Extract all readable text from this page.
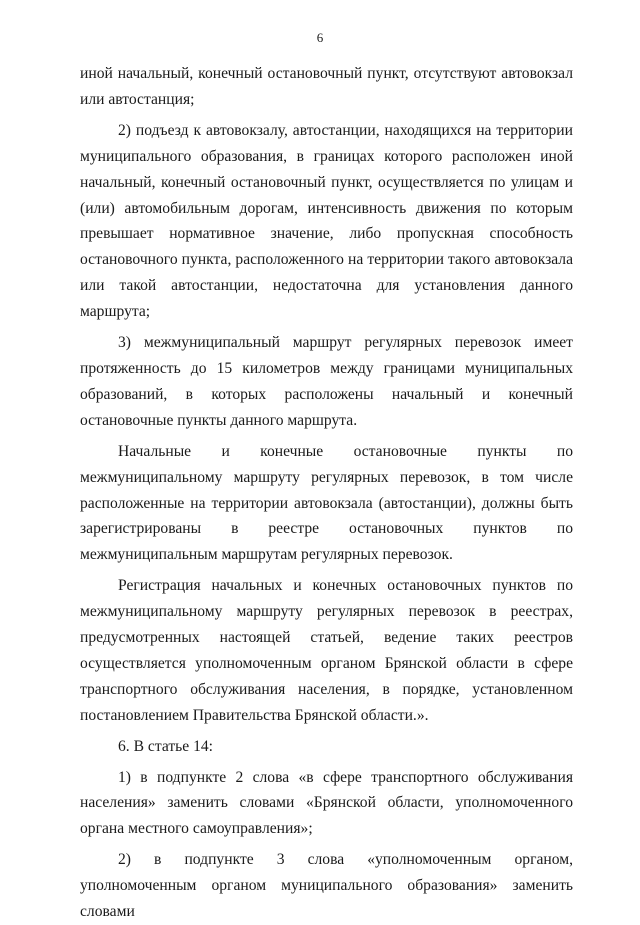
6

иной начальный, конечный остановочный пункт, отсутствуют автовокзал или автостанция;

2) подъезд к автовокзалу, автостанции, находящихся на территории муниципального образования, в границах которого расположен иной начальный, конечный остановочный пункт, осуществляется по улицам и (или) автомобильным дорогам, интенсивность движения по которым превышает нормативное значение, либо пропускная способность остановочного пункта, расположенного на территории такого автовокзала или такой автостанции, недостаточна для установления данного маршрута;

3) межмуниципальный маршрут регулярных перевозок имеет протяженность до 15 километров между границами муниципальных образований, в которых расположены начальный и конечный остановочные пункты данного маршрута.

Начальные и конечные остановочные пункты по межмуниципальному маршруту регулярных перевозок, в том числе расположенные на территории автовокзала (автостанции), должны быть зарегистрированы в реестре остановочных пунктов по межмуниципальным маршрутам регулярных перевозок.

Регистрация начальных и конечных остановочных пунктов по межмуниципальному маршруту регулярных перевозок в реестрах, предусмотренных настоящей статьей, ведение таких реестров осуществляется уполномоченным органом Брянской области в сфере транспортного обслуживания населения, в порядке, установленном постановлением Правительства Брянской области.».

6. В статье 14:

1) в подпункте 2 слова «в сфере транспортного обслуживания населения» заменить словами «Брянской области, уполномоченного органа местного самоуправления»;

2) в подпункте 3 слова «уполномоченным органом, уполномоченным органом муниципального образования» заменить словами
